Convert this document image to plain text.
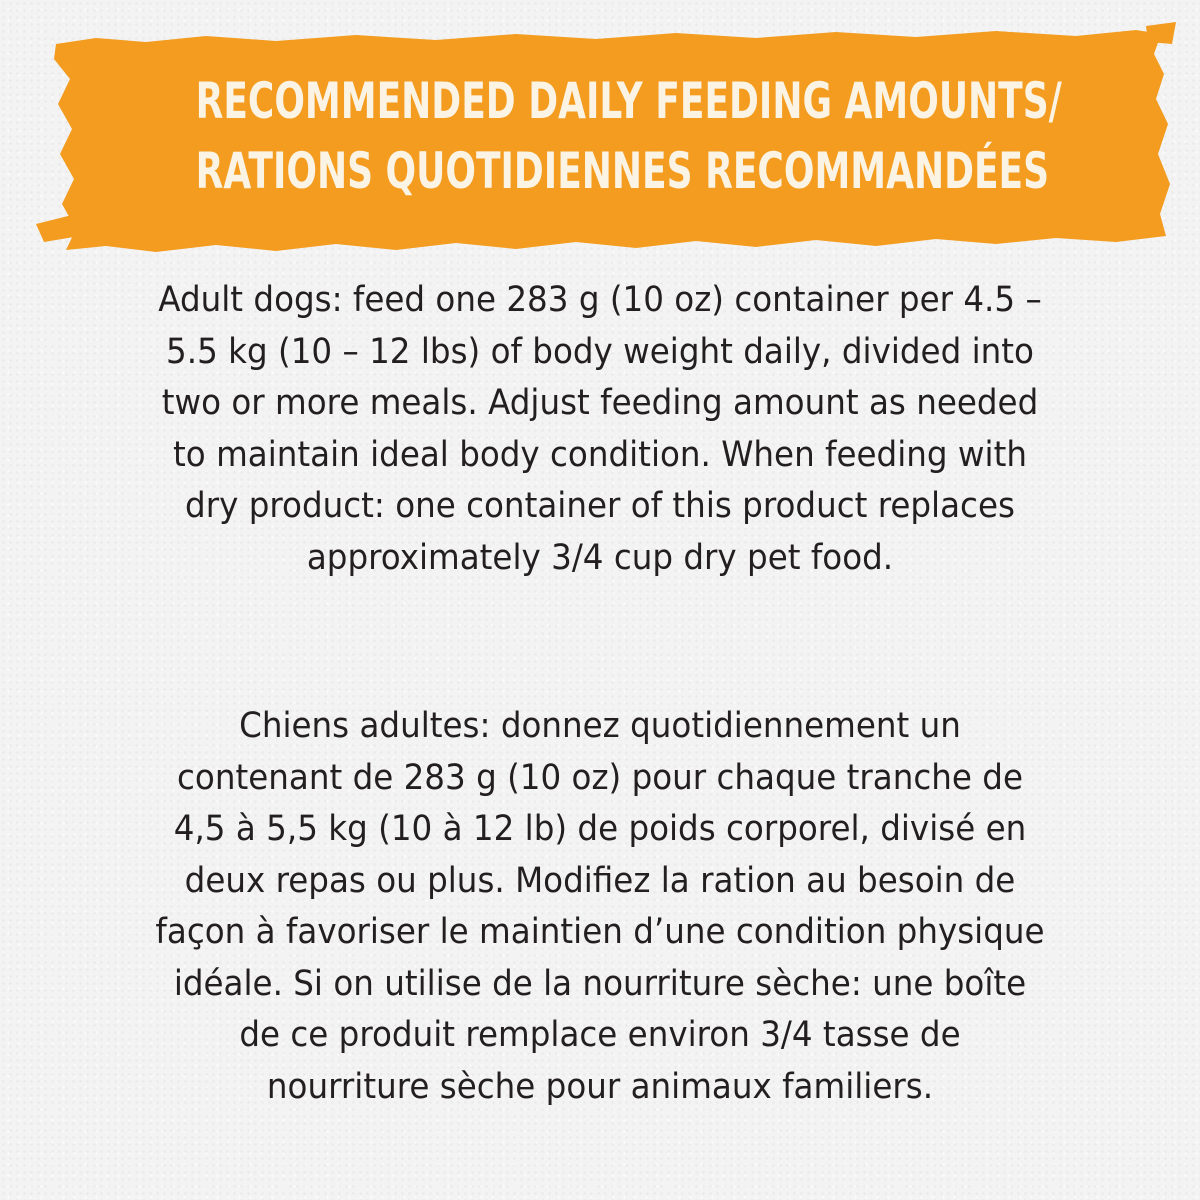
RECOMMENDED DAILY FEEDING AMOUNTS/
RATIONS QUOTIDIENNES RECOMMANDÉES
Adult dogs: feed one 283 g (10 oz) container per 4.5 –
5.5 kg (10 – 12 lbs) of body weight daily, divided into
two or more meals. Adjust feeding amount as needed
to maintain ideal body condition. When feeding with
dry product: one container of this product replaces
approximately 3/4 cup dry pet food.
Chiens adultes: donnez quotidiennement un
contenant de 283 g (10 oz) pour chaque tranche de
4,5 à 5,5 kg (10 à 12 lb) de poids corporel, divisé en
deux repas ou plus. Modifiez la ration au besoin de
façon à favoriser le maintien d’une condition physique
idéale. Si on utilise de la nourriture sèche: une boîte
de ce produit remplace environ 3/4 tasse de
nourriture sèche pour animaux familiers.
